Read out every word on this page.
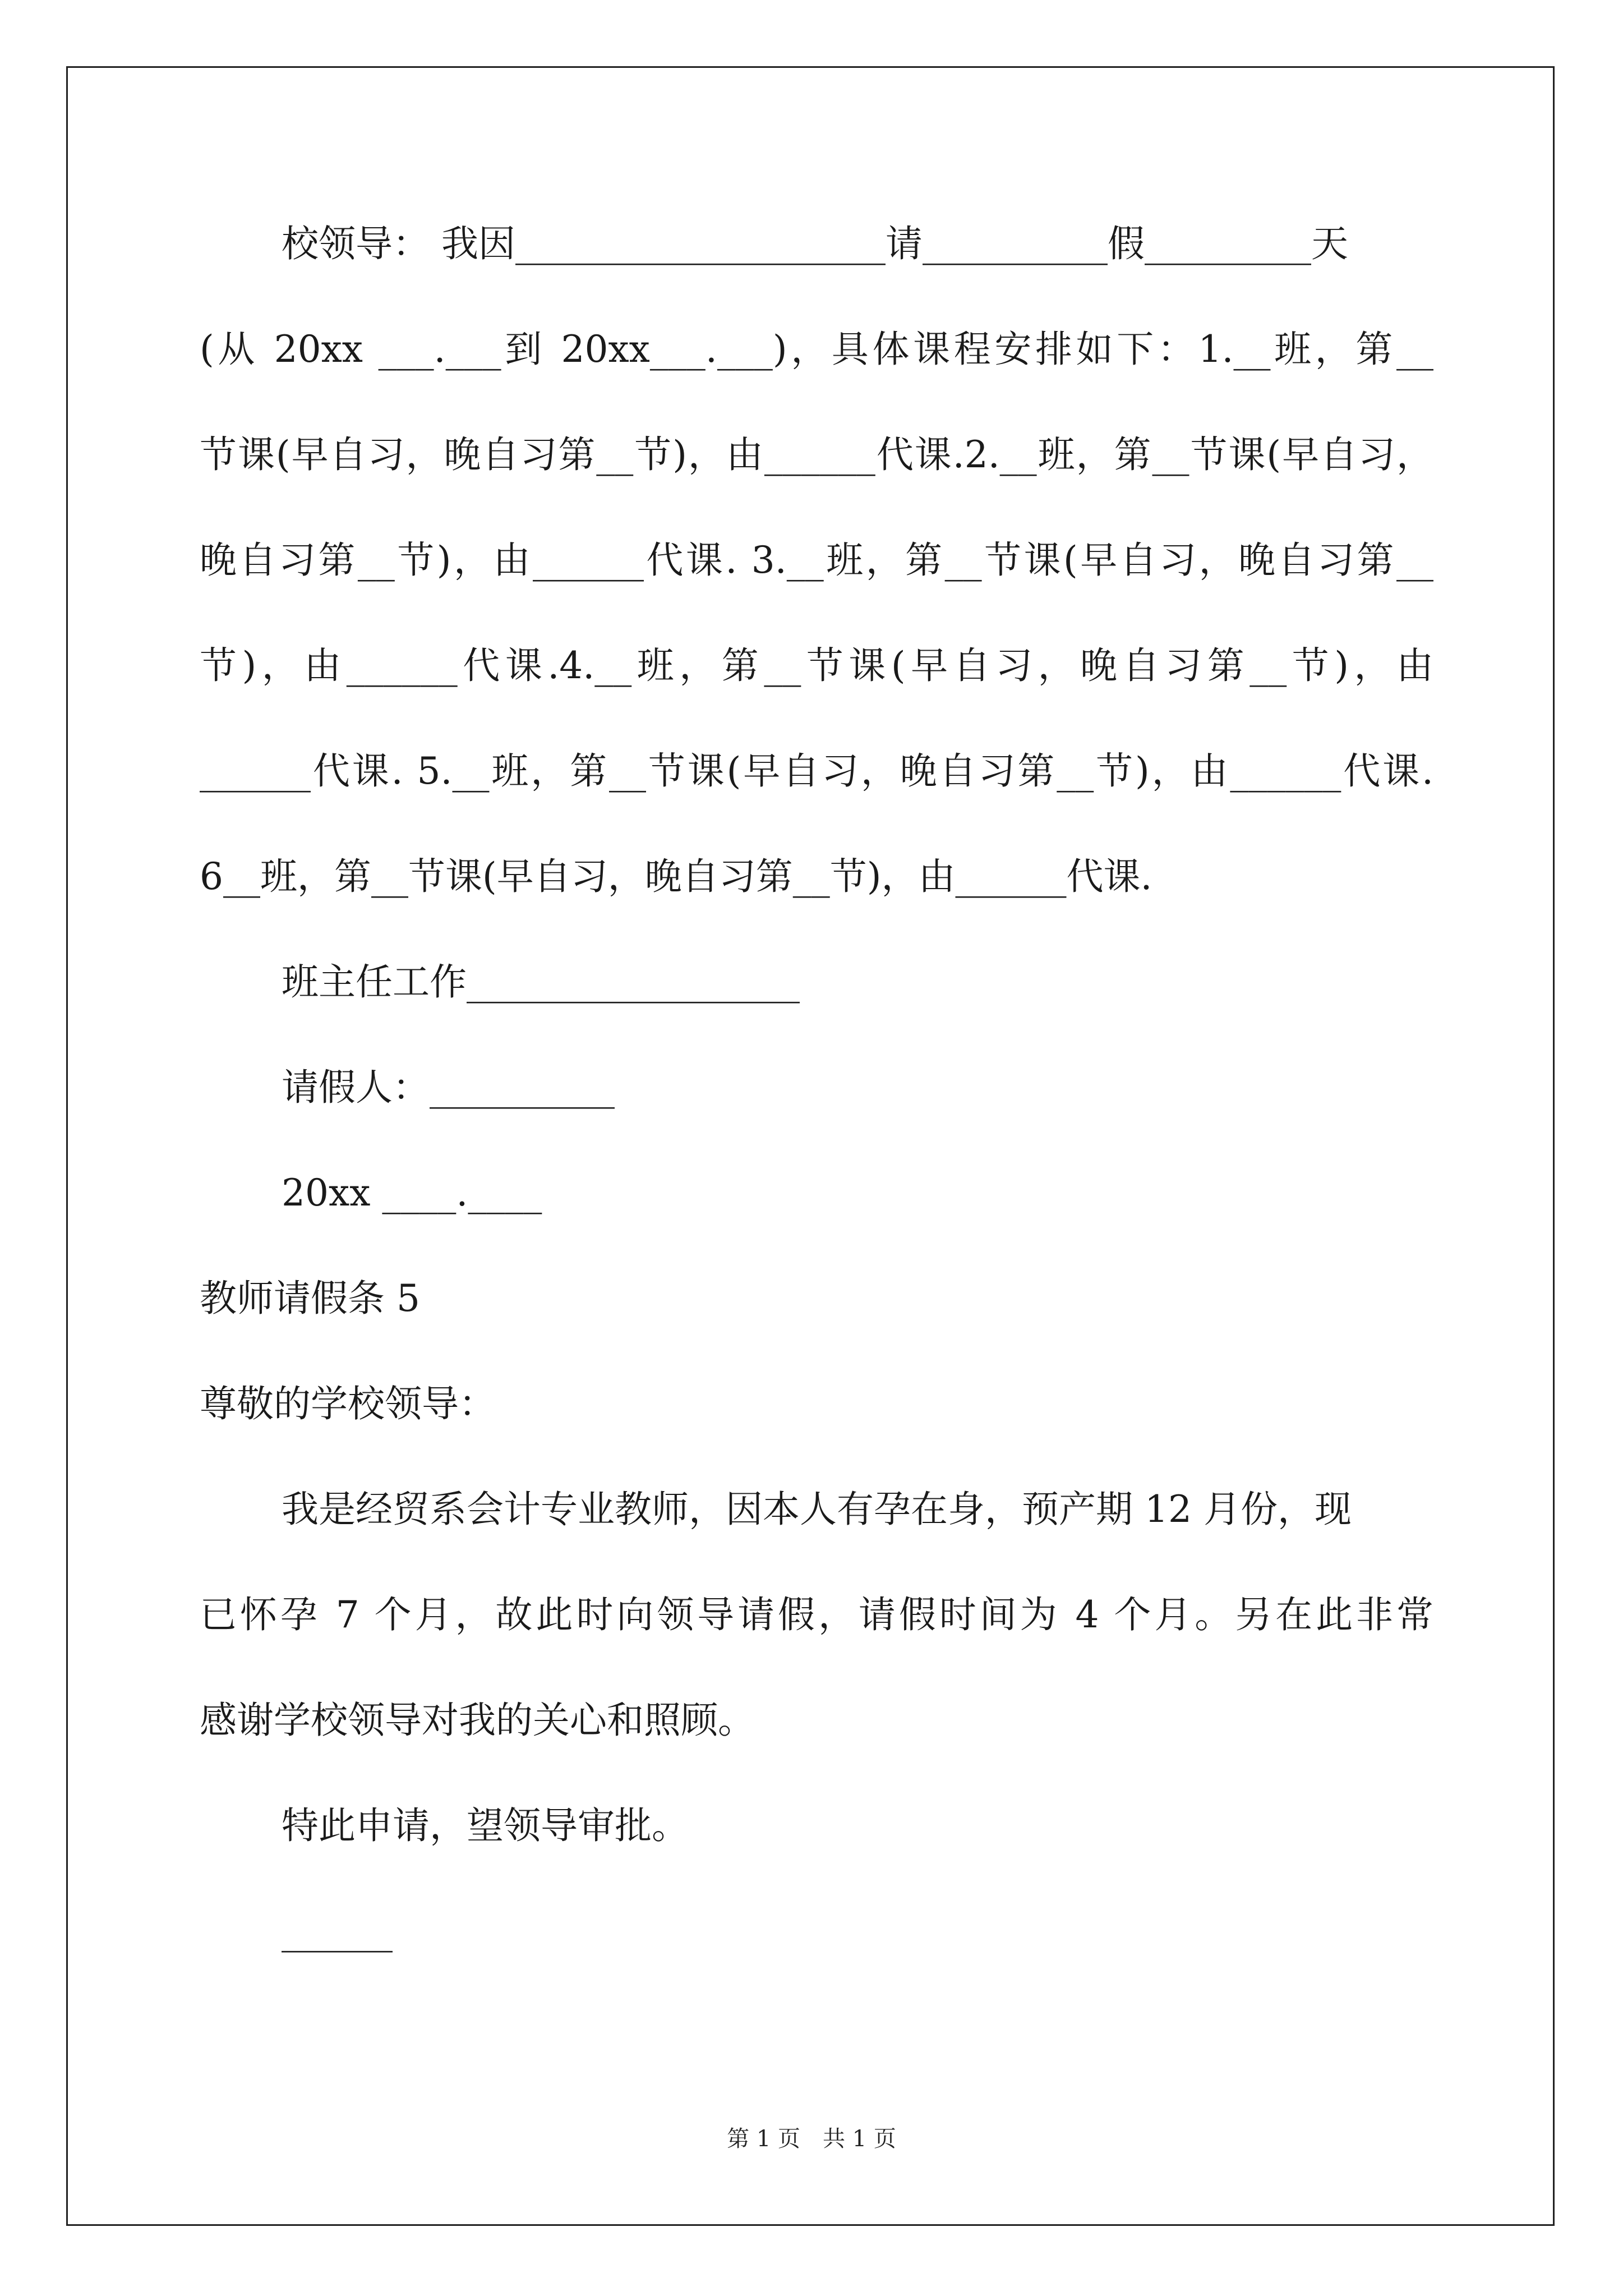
校领导： 我因____________________请__________假_________天
(从 20xx ___.___到 20xx___.___)，具体课程安排如下：1.__班，第__
节课(早自习，晚自习第__节)，由______代课.2.__班，第__节课(早自习，
晚自习第__节)，由______代课. 3.__班，第__节课(早自习，晚自习第__
节)，由______代课.4.__班，第__节课(早自习，晚自习第__节)，由
______代课. 5.__班，第__节课(早自习，晚自习第__节)，由______代课.
6__班，第__节课(早自习，晚自习第__节)，由______代课.
班主任工作__________________
请假人：__________
20xx ____.____
教师请假条 5
尊敬的学校领导：
我是经贸系会计专业教师，因本人有孕在身，预产期 12 月份，现
已怀孕 7 个月，故此时向领导请假，请假时间为 4 个月。另在此非常
感谢学校领导对我的关心和照顾。
特此申请，望领导审批。
______
第 1 页　共 1 页
